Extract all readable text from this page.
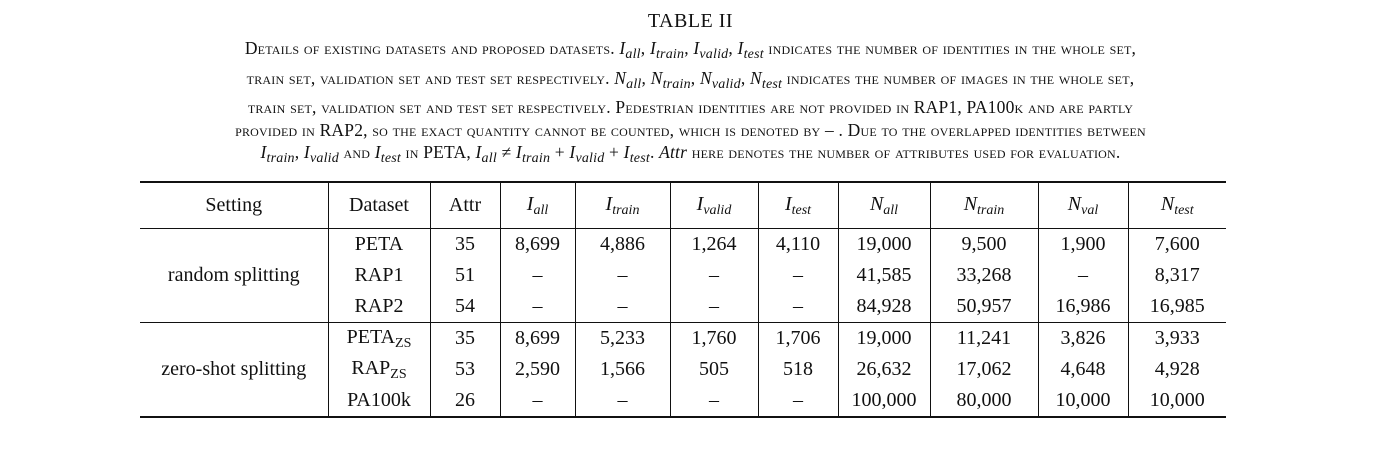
TABLE II
Details of existing datasets and proposed datasets. $I_{all}$, $I_{train}$, $I_{valid}$, $I_{test}$ indicates the number of identities in the whole set,
train set, validation set and test set respectively. $N_{all}$, $N_{train}$, $N_{valid}$, $N_{test}$ indicates the number of images in the whole set,
train set, validation set and test set respectively. Pedestrian identities are not provided in RAP1, PA100k and are partly
provided in RAP2, so the exact quantity cannot be counted, which is denoted by – . Due to the overlapped identities between
$I_{train}$, $I_{valid}$ and $I_{test}$ in PETA, $I_{all} \ne I_{train} + I_{valid} + I_{test}$. Attr here denotes the number of attributes used for evaluation.
Setting	Dataset	Attr	$I_{all}$	$I_{train}$	$I_{valid}$	$I_{test}$	$N_{all}$	$N_{train}$	$N_{val}$	$N_{test}$
random splitting	PETA	35	8,699	4,886	1,264	4,110	19,000	9,500	1,900	7,600
	RAP1	51	–	–	–	–	41,585	33,268	–	8,317
	RAP2	54	–	–	–	–	84,928	50,957	16,986	16,985
zero-shot splitting	$PETA_{ZS}$	35	8,699	5,233	1,760	1,706	19,000	11,241	3,826	3,933
	$RAP_{ZS}$	53	2,590	1,566	505	518	26,632	17,062	4,648	4,928
	PA100k	26	–	–	–	–	100,000	80,000	10,000	10,000
